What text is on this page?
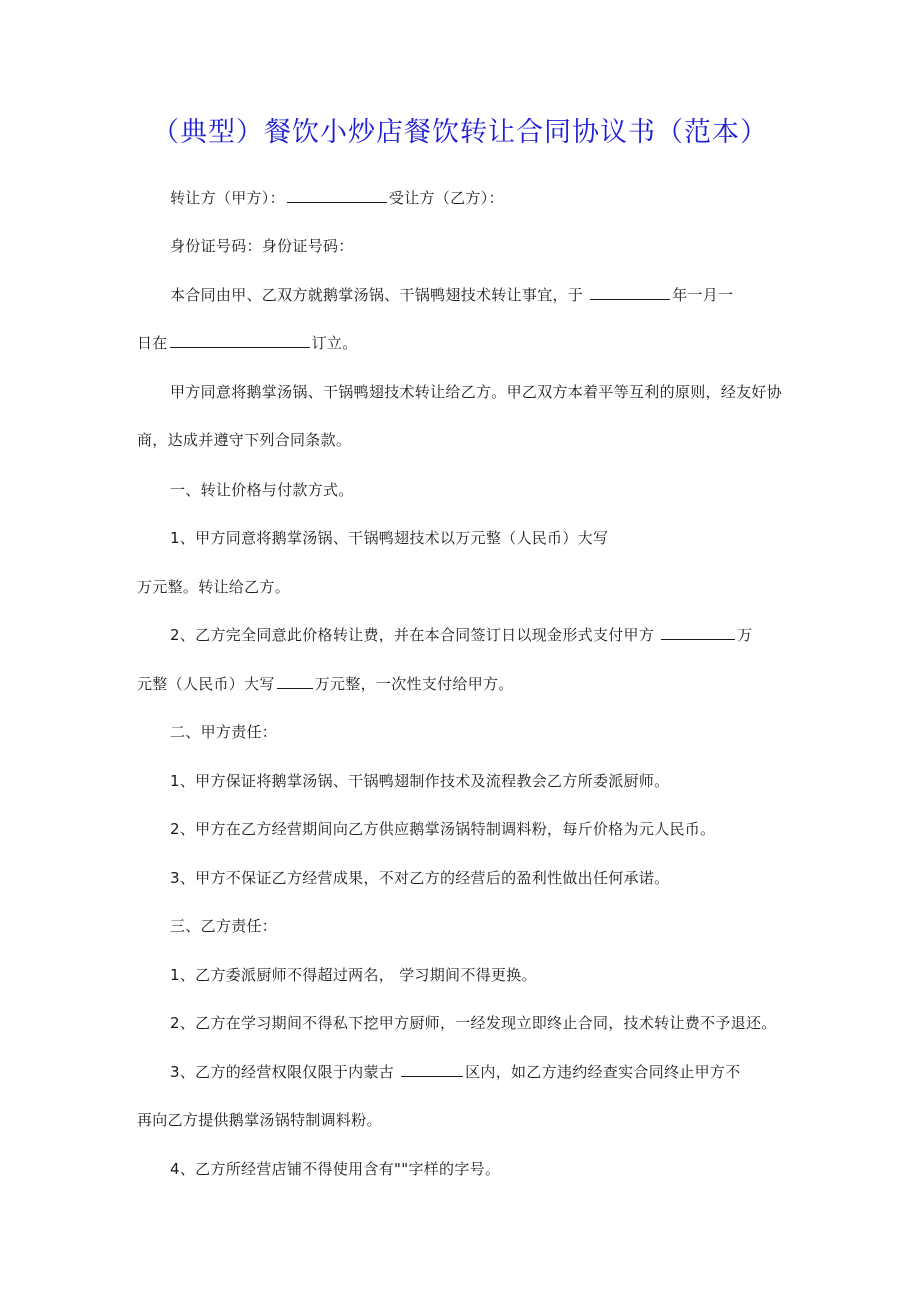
（典型）餐饮小炒店餐饮转让合同协议书（范本）
转让方（甲方）：	受让方（乙方）：
身份证号码：身份证号码：
本合同由甲、乙双方就鹅掌汤锅、干锅鸭翅技术转让事宜，于	年一月一
日在	订立。
甲方同意将鹅掌汤锅、干锅鸭翅技术转让给乙方。甲乙双方本着平等互利的原则，经友好协
商，达成并遵守下列合同条款。
一、转让价格与付款方式。
1、甲方同意将鹅掌汤锅、干锅鸭翅技术以万元整（人民币）大写
万元整。转让给乙方。
2、乙方完全同意此价格转让费，并在本合同签订日以现金形式支付甲方	万
元整（人民币）大写	万元整，一次性支付给甲方。
二、甲方责任：
1、甲方保证将鹅掌汤锅、干锅鸭翅制作技术及流程教会乙方所委派厨师。
2、甲方在乙方经营期间向乙方供应鹅掌汤锅特制调料粉，每斤价格为元人民币。
3、甲方不保证乙方经营成果，不对乙方的经营后的盈利性做出任何承诺。
三、乙方责任：
1、乙方委派厨师不得超过两名， 学习期间不得更换。
2、乙方在学习期间不得私下挖甲方厨师，一经发现立即终止合同，技术转让费不予退还。
3、乙方的经营权限仅限于内蒙古	区内，如乙方违约经查实合同终止甲方不
再向乙方提供鹅掌汤锅特制调料粉。
4、乙方所经营店铺不得使用含有""字样的字号。
